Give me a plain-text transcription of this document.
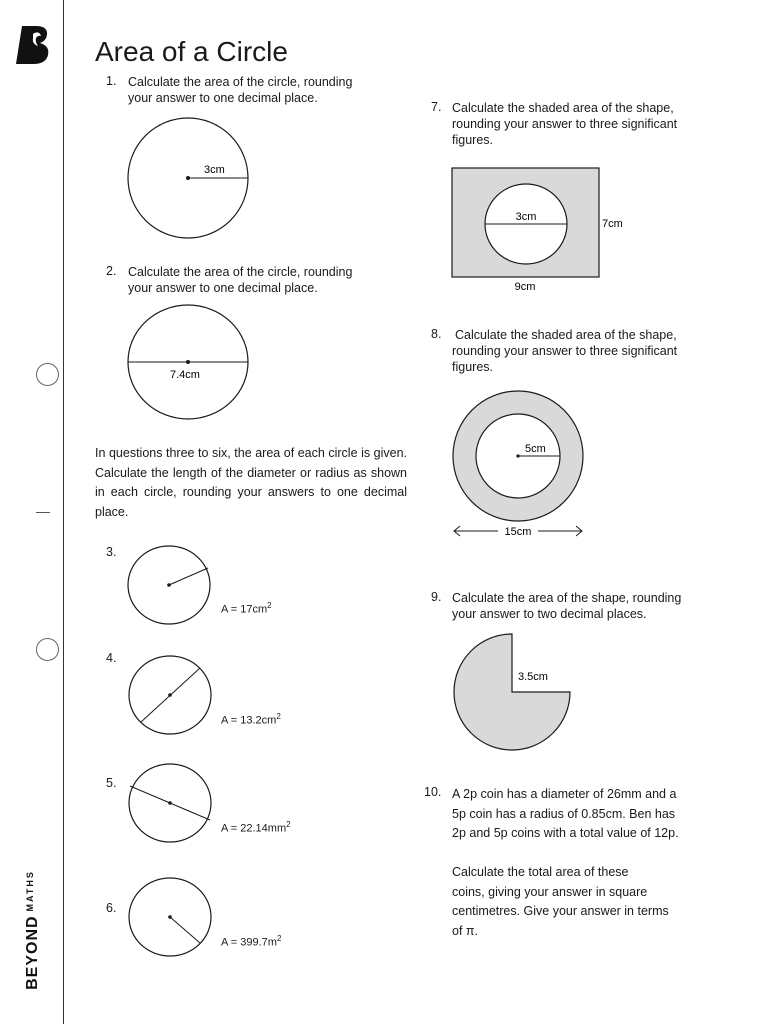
$BEYOND^{MATHS}$
Area of a Circle
1. Calculate the area of the circle, rounding
your answer to one decimal place.
3cm
2. Calculate the area of the circle, rounding
your answer to one decimal place.
7.4cm
In questions three to six, the area of each circle is given. Calculate the length of the diameter or radius as shown in each circle, rounding your answers to one decimal place.
3.
$A = 17cm^2$
4.
$A = 13.2cm^2$
5.
$A = 22.14mm^2$
6.
$A = 399.7m^2$
7. Calculate the shaded area of the shape,
rounding your answer to three significant
figures.
3cm
7cm
9cm
8. Calculate the shaded area of the shape,
rounding your answer to three significant
figures.
5cm
15cm
9. Calculate the area of the shape, rounding
your answer to two decimal places.
3.5cm
10. A 2p coin has a diameter of 26mm and a
5p coin has a radius of 0.85cm. Ben has
2p and 5p coins with a total value of 12p.
Calculate the total area of these
coins, giving your answer in square
centimetres. Give your answer in terms
of π.
